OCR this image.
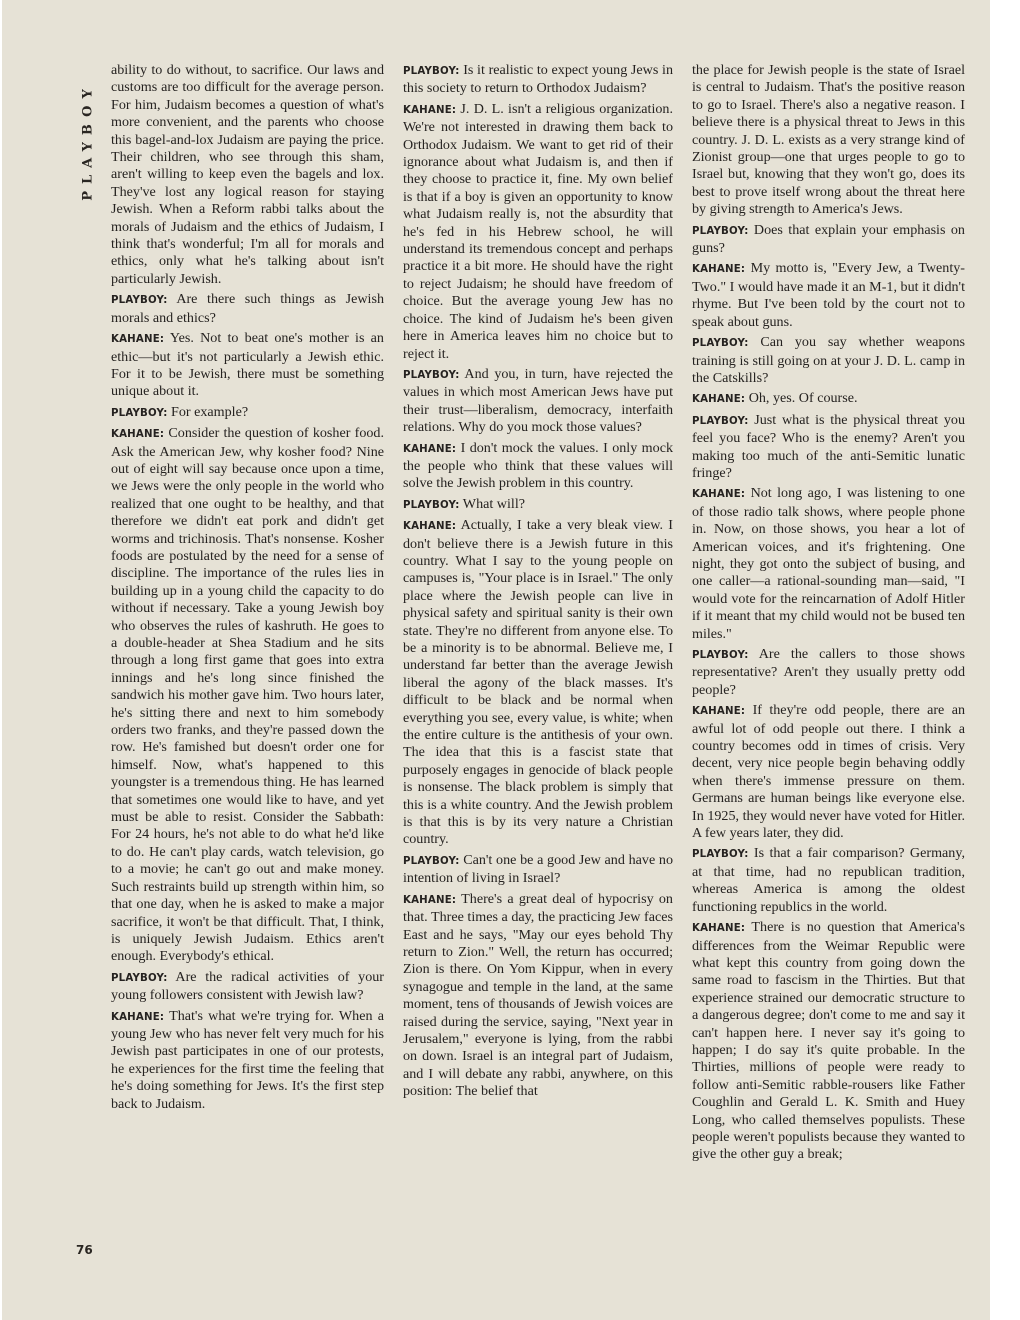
PLAYBOY
76

ability to do without, to sacrifice. Our laws and customs are too difficult for the average person. For him, Judaism becomes a question of what's more convenient, and the parents who choose this bagel-and-lox Judaism are paying the price. Their children, who see through this sham, aren't willing to keep even the bagels and lox. They've lost any logical reason for staying Jewish. When a Reform rabbi talks about the morals of Judaism and the ethics of Judaism, I think that's wonderful; I'm all for morals and ethics, only what he's talking about isn't particularly Jewish.

PLAYBOY: Are there such things as Jewish morals and ethics?

KAHANE: Yes. Not to beat one's mother is an ethic—but it's not particularly a Jewish ethic. For it to be Jewish, there must be something unique about it.

PLAYBOY: For example?

KAHANE: Consider the question of kosher food. Ask the American Jew, why kosher food? Nine out of eight will say because once upon a time, we Jews were the only people in the world who realized that one ought to be healthy, and that therefore we didn't eat pork and didn't get worms and trichinosis. That's nonsense. Kosher foods are postulated by the need for a sense of discipline. The importance of the rules lies in building up in a young child the capacity to do without if necessary. Take a young Jewish boy who observes the rules of kashruth. He goes to a double-header at Shea Stadium and he sits through a long first game that goes into extra innings and he's long since finished the sandwich his mother gave him. Two hours later, he's sitting there and next to him somebody orders two franks, and they're passed down the row. He's famished but doesn't order one for himself. Now, what's happened to this youngster is a tremendous thing. He has learned that sometimes one would like to have, and yet must be able to resist. Consider the Sabbath: For 24 hours, he's not able to do what he'd like to do. He can't play cards, watch television, go to a movie; he can't go out and make money. Such restraints build up strength within him, so that one day, when he is asked to make a major sacrifice, it won't be that difficult. That, I think, is uniquely Jewish Judaism. Ethics aren't enough. Everybody's ethical.

PLAYBOY: Are the radical activities of your young followers consistent with Jewish law?

KAHANE: That's what we're trying for. When a young Jew who has never felt very much for his Jewish past participates in one of our protests, he experiences for the first time the feeling that he's doing something for Jews. It's the first step back to Judaism.

PLAYBOY: Is it realistic to expect young Jews in this society to return to Orthodox Judaism?

KAHANE: J. D. L. isn't a religious organization. We're not interested in drawing them back to Orthodox Judaism. We want to get rid of their ignorance about what Judaism is, and then if they choose to practice it, fine. My own belief is that if a boy is given an opportunity to know what Judaism really is, not the absurdity that he's fed in his Hebrew school, he will understand its tremendous concept and perhaps practice it a bit more. He should have the right to reject Judaism; he should have freedom of choice. But the average young Jew has no choice. The kind of Judaism he's been given here in America leaves him no choice but to reject it.

PLAYBOY: And you, in turn, have rejected the values in which most American Jews have put their trust—liberalism, democracy, interfaith relations. Why do you mock those values?

KAHANE: I don't mock the values. I only mock the people who think that these values will solve the Jewish problem in this country.

PLAYBOY: What will?

KAHANE: Actually, I take a very bleak view. I don't believe there is a Jewish future in this country. What I say to the young people on campuses is, "Your place is in Israel." The only place where the Jewish people can live in physical safety and spiritual sanity is their own state. They're no different from anyone else. To be a minority is to be abnormal. Believe me, I understand far better than the average Jewish liberal the agony of the black masses. It's difficult to be black and be normal when everything you see, every value, is white; when the entire culture is the antithesis of your own. The idea that this is a fascist state that purposely engages in genocide of black people is nonsense. The black problem is simply that this is a white country. And the Jewish problem is that this is by its very nature a Christian country.

PLAYBOY: Can't one be a good Jew and have no intention of living in Israel?

KAHANE: There's a great deal of hypocrisy on that. Three times a day, the practicing Jew faces East and he says, "May our eyes behold Thy return to Zion." Well, the return has occurred; Zion is there. On Yom Kippur, when in every synagogue and temple in the land, at the same moment, tens of thousands of Jewish voices are raised during the service, saying, "Next year in Jerusalem," everyone is lying, from the rabbi on down. Israel is an integral part of Judaism, and I will debate any rabbi, anywhere, on this position: The belief that

the place for Jewish people is the state of Israel is central to Judaism. That's the positive reason to go to Israel. There's also a negative reason. I believe there is a physical threat to Jews in this country. J. D. L. exists as a very strange kind of Zionist group—one that urges people to go to Israel but, knowing that they won't go, does its best to prove itself wrong about the threat here by giving strength to America's Jews.

PLAYBOY: Does that explain your emphasis on guns?

KAHANE: My motto is, "Every Jew, a Twenty-Two." I would have made it an M-1, but it didn't rhyme. But I've been told by the court not to speak about guns.

PLAYBOY: Can you say whether weapons training is still going on at your J. D. L. camp in the Catskills?

KAHANE: Oh, yes. Of course.

PLAYBOY: Just what is the physical threat you feel you face? Who is the enemy? Aren't you making too much of the anti-Semitic lunatic fringe?

KAHANE: Not long ago, I was listening to one of those radio talk shows, where people phone in. Now, on those shows, you hear a lot of American voices, and it's frightening. One night, they got onto the subject of busing, and one caller—a rational-sounding man—said, "I would vote for the reincarnation of Adolf Hitler if it meant that my child would not be bused ten miles."

PLAYBOY: Are the callers to those shows representative? Aren't they usually pretty odd people?

KAHANE: If they're odd people, there are an awful lot of odd people out there. I think a country becomes odd in times of crisis. Very decent, very nice people begin behaving oddly when there's immense pressure on them. Germans are human beings like everyone else. In 1925, they would never have voted for Hitler. A few years later, they did.

PLAYBOY: Is that a fair comparison? Germany, at that time, had no republican tradition, whereas America is among the oldest functioning republics in the world.

KAHANE: There is no question that America's differences from the Weimar Republic were what kept this country from going down the same road to fascism in the Thirties. But that experience strained our democratic structure to a dangerous degree; don't come to me and say it can't happen here. I never say it's going to happen; I do say it's quite probable. In the Thirties, millions of people were ready to follow anti-Semitic rabble-rousers like Father Coughlin and Gerald L. K. Smith and Huey Long, who called themselves populists. These people weren't populists because they wanted to give the other guy a break;
